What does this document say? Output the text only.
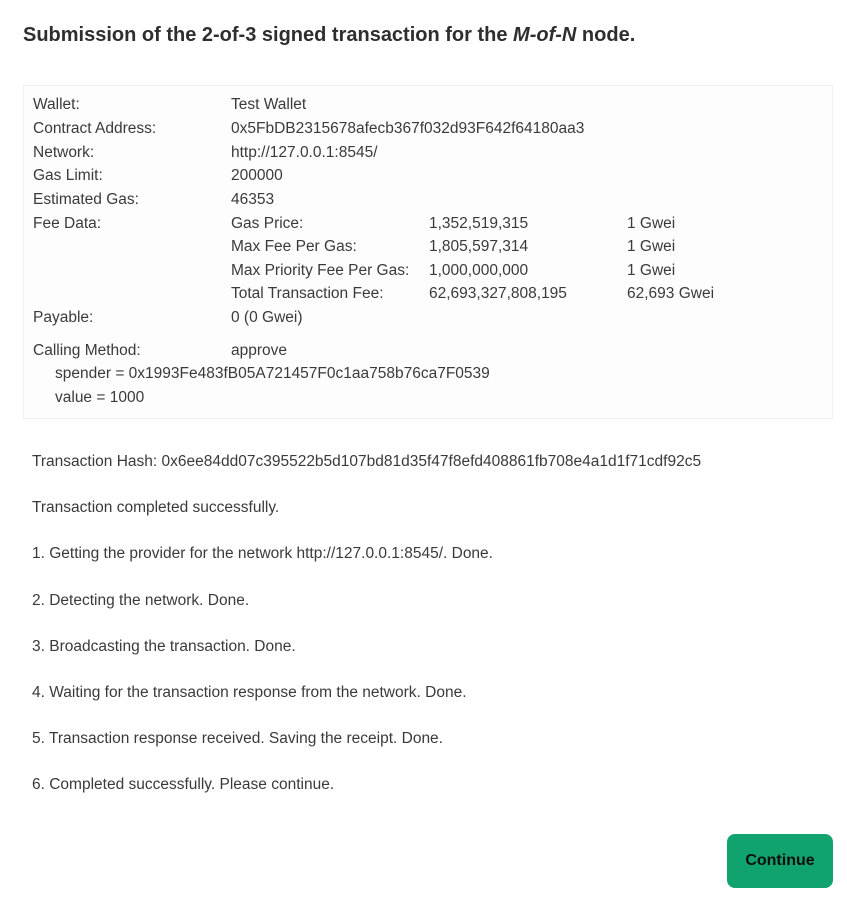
Submission of the 2-of-3 signed transaction for the M-of-N node.
Wallet:	Test Wallet
Contract Address:	0x5FbDB2315678afecb367f032d93F642f64180aa3
Network:	http://127.0.0.1:8545/
Gas Limit:	200000
Estimated Gas:	46353
Fee Data:	Gas Price:	1,352,519,315	1 Gwei
Max Fee Per Gas:	1,805,597,314	1 Gwei
Max Priority Fee Per Gas: 1,000,000,000	1 Gwei
Total Transaction Fee:	62,693,327,808,195	62,693 Gwei
Payable:	0 (0 Gwei)
Calling Method:	approve
spender = 0x1993Fe483fB05A721457F0c1aa758b76ca7F0539
value = 1000
Transaction Hash: 0x6ee84dd07c395522b5d107bd81d35f47f8efd408861fb708e4a1d1f71cdf92c5
Transaction completed successfully.
1. Getting the provider for the network http://127.0.0.1:8545/. Done.
2. Detecting the network. Done.
3. Broadcasting the transaction. Done.
4. Waiting for the transaction response from the network. Done.
5. Transaction response received. Saving the receipt. Done.
6. Completed successfully. Please continue.
Continue
